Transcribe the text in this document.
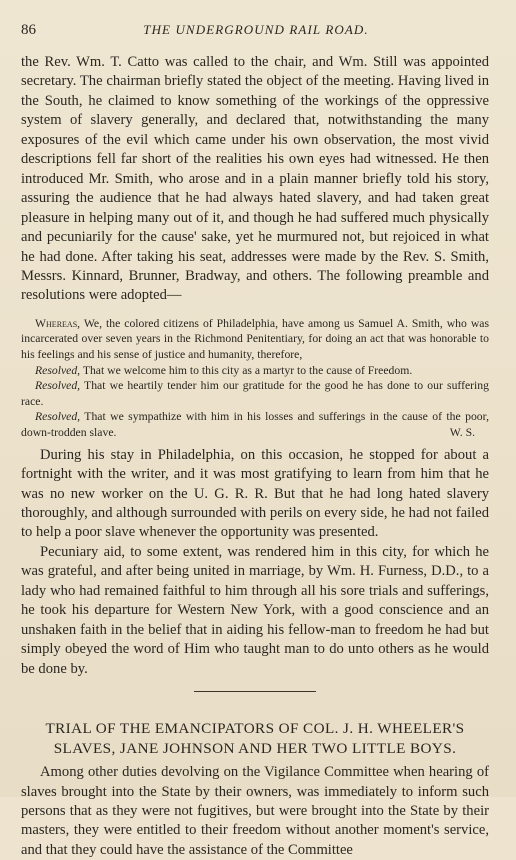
86	THE UNDERGROUND RAIL ROAD.

the Rev. Wm. T. Catto was called to the chair, and Wm. Still was appointed secretary. The chairman briefly stated the object of the meeting. Having lived in the South, he claimed to know something of the workings of the oppressive system of slavery generally, and declared that, notwithstanding the many exposures of the evil which came under his own observation, the most vivid descriptions fell far short of the realities his own eyes had witnessed. He then introduced Mr. Smith, who arose and in a plain manner briefly told his story, assuring the audience that he had always hated slavery, and had taken great pleasure in helping many out of it, and though he had suffered much physically and pecuniarily for the cause' sake, yet he murmured not, but rejoiced in what he had done. After taking his seat, addresses were made by the Rev. S. Smith, Messrs. Kinnard, Brunner, Bradway, and others. The following preamble and resolutions were adopted—

Whereas, We, the colored citizens of Philadelphia, have among us Samuel A. Smith, who was incarcerated over seven years in the Richmond Penitentiary, for doing an act that was honorable to his feelings and his sense of justice and humanity, therefore,

Resolved, That we welcome him to this city as a martyr to the cause of Freedom.

Resolved, That we heartily tender him our gratitude for the good he has done to our suffering race.

Resolved, That we sympathize with him in his losses and sufferings in the cause of the poor, down-trodden slave.	W. S.

During his stay in Philadelphia, on this occasion, he stopped for about a fortnight with the writer, and it was most gratifying to learn from him that he was no new worker on the U. G. R. R. But that he had long hated slavery thoroughly, and although surrounded with perils on every side, he had not failed to help a poor slave whenever the opportunity was presented.

Pecuniary aid, to some extent, was rendered him in this city, for which he was grateful, and after being united in marriage, by Wm. H. Furness, D.D., to a lady who had remained faithful to him through all his sore trials and sufferings, he took his departure for Western New York, with a good conscience and an unshaken faith in the belief that in aiding his fellow-man to freedom he had but simply obeyed the word of Him who taught man to do unto others as he would be done by.

TRIAL OF THE EMANCIPATORS OF COL. J. H. WHEELER'S
SLAVES, JANE JOHNSON AND HER TWO LITTLE BOYS.

Among other duties devolving on the Vigilance Committee when hearing of slaves brought into the State by their owners, was immediately to inform such persons that as they were not fugitives, but were brought into the State by their masters, they were entitled to their freedom without another moment's service, and that they could have the assistance of the Committee
